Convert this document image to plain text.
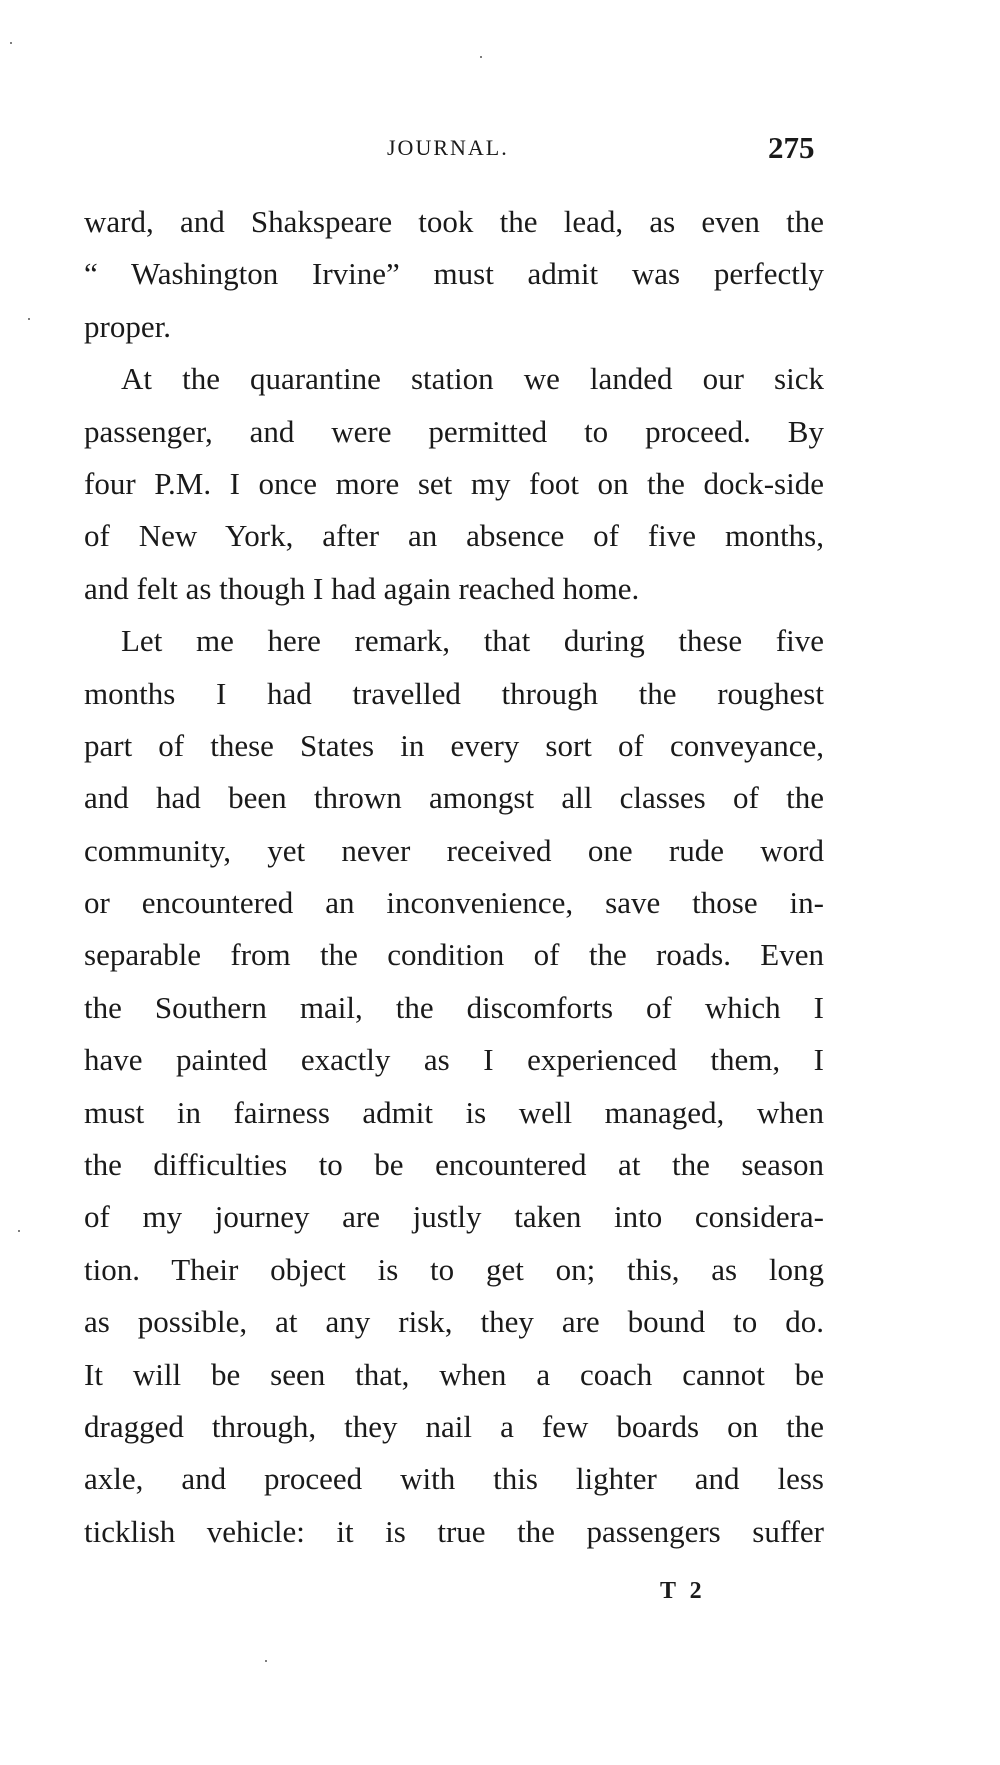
JOURNAL.	275
ward, and Shakspeare took the lead, as even the
“ Washington Irvine” must admit was perfectly
proper.
At the quarantine station we landed our sick
passenger, and were permitted to proceed. By
four P.M. I once more set my foot on the dock-side
of New York, after an absence of five months,
and felt as though I had again reached home.
Let me here remark, that during these five
months I had travelled through the roughest
part of these States in every sort of conveyance,
and had been thrown amongst all classes of the
community, yet never received one rude word
or encountered an inconvenience, save those in-
separable from the condition of the roads. Even
the Southern mail, the discomforts of which I
have painted exactly as I experienced them, I
must in fairness admit is well managed, when
the difficulties to be encountered at the season
of my journey are justly taken into considera-
tion. Their object is to get on; this, as long
as possible, at any risk, they are bound to do.
It will be seen that, when a coach cannot be
dragged through, they nail a few boards on the
axle, and proceed with this lighter and less
ticklish vehicle: it is true the passengers suffer
T 2
